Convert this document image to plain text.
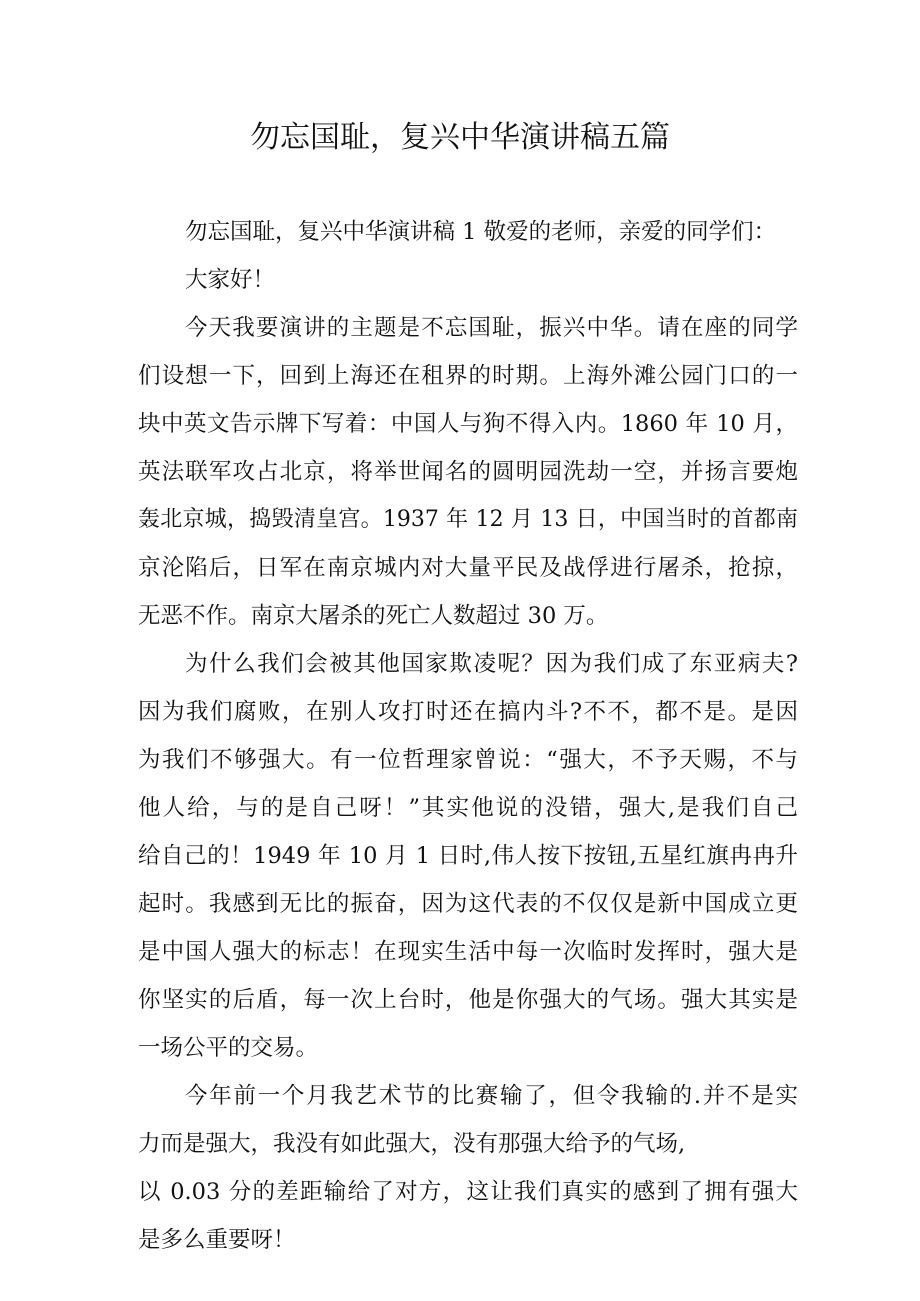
勿忘国耻，复兴中华演讲稿五篇
勿忘国耻，复兴中华演讲稿 1 敬爱的老师，亲爱的同学们：
大家好！
今天我要演讲的主题是不忘国耻，振兴中华。请在座的同学
们设想一下，回到上海还在租界的时期。上海外滩公园门口的一
块中英文告示牌下写着：中国人与狗不得入内。1860 年 10 月，
英法联军攻占北京，将举世闻名的圆明园洗劫一空，并扬言要炮
轰北京城，捣毁清皇宫。1937 年 12 月 13 日，中国当时的首都南
京沦陷后，日军在南京城内对大量平民及战俘进行屠杀，抢掠，
无恶不作。南京大屠杀的死亡人数超过 30 万。
为什么我们会被其他国家欺凌呢？因为我们成了东亚病夫?
因为我们腐败，在别人攻打时还在搞内斗?不不，都不是。是因
为我们不够强大。有一位哲理家曾说：“强大，不予天赐，不与
他人给，与的是自己呀！”其实他说的没错，强大,是我们自己
给自己的！1949 年 10 月 1 日时,伟人按下按钮,五星红旗冉冉升
起时。我感到无比的振奋，因为这代表的不仅仅是新中国成立更
是中国人强大的标志！在现实生活中每一次临时发挥时，强大是
你坚实的后盾，每一次上台时，他是你强大的气场。强大其实是
一场公平的交易。
今年前一个月我艺术节的比赛输了，但令我输的.并不是实
力而是强大，我没有如此强大，没有那强大给予的气场,
以 0.03 分的差距输给了对方，这让我们真实的感到了拥有强大
是多么重要呀！
